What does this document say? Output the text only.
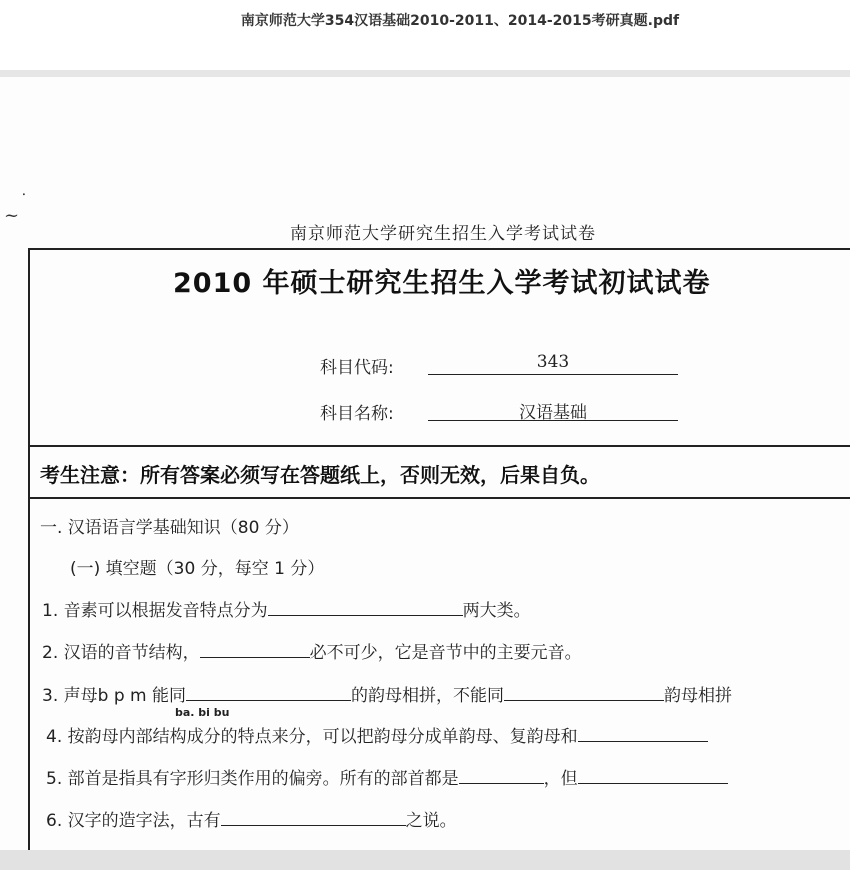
南京师范大学354汉语基础2010-2011、2014-2015考研真题.pdf
⸱
~
南京师范大学研究生招生入学考试试卷
2010 年硕士研究生招生入学考试初试试卷
科目代码:	343
科目名称:	汉语基础
考生注意：所有答案必须写在答题纸上，否则无效，后果自负。
一. 汉语语言学基础知识（80 分）
(一) 填空题（30 分，每空 1 分）
1. 音素可以根据发音特点分为	两大类。
2. 汉语的音节结构，	必不可少，它是音节中的主要元音。
3. 声母b p m 能同	的韵母相拼，不能同	韵母相拼
ba. bi bu
4. 按韵母内部结构成分的特点来分，可以把韵母分成单韵母、复韵母和
5. 部首是指具有字形归类作用的偏旁。所有的部首都是	，但
6. 汉字的造字法，古有	之说。
